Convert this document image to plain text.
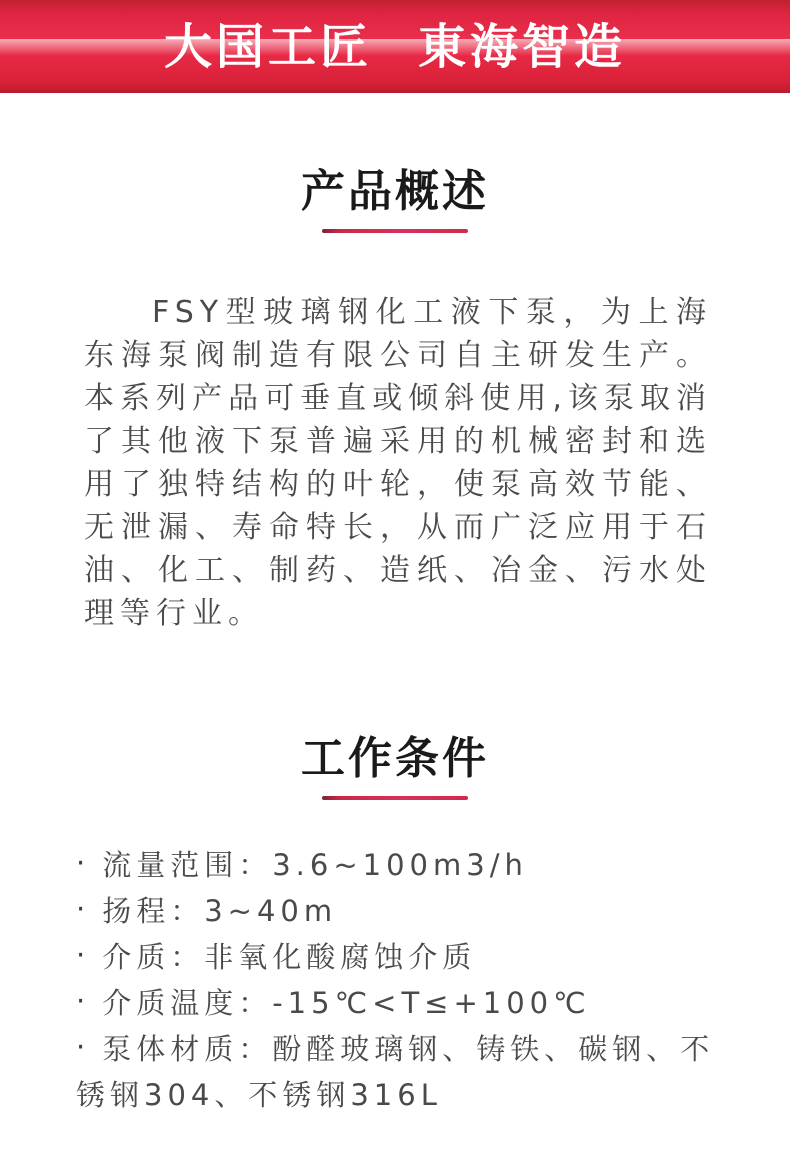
大国工匠 東海智造
产品概述
FSY型玻璃钢化工液下泵，为上海东海泵阀制造有限公司自主研发生产。本系列产品可垂直或倾斜使用,该泵取消了其他液下泵普遍采用的机械密封和选用了独特结构的叶轮，使泵高效节能、无泄漏、寿命特长，从而广泛应用于石油、化工、制药、造纸、冶金、污水处理等行业。
工作条件
· 流量范围：3.6~100m3/h
· 扬程：3~40m
· 介质：非氧化酸腐蚀介质
· 介质温度：-15℃<T≤+100℃
· 泵体材质：酚醛玻璃钢、铸铁、碳钢、不锈钢304、不锈钢316L
